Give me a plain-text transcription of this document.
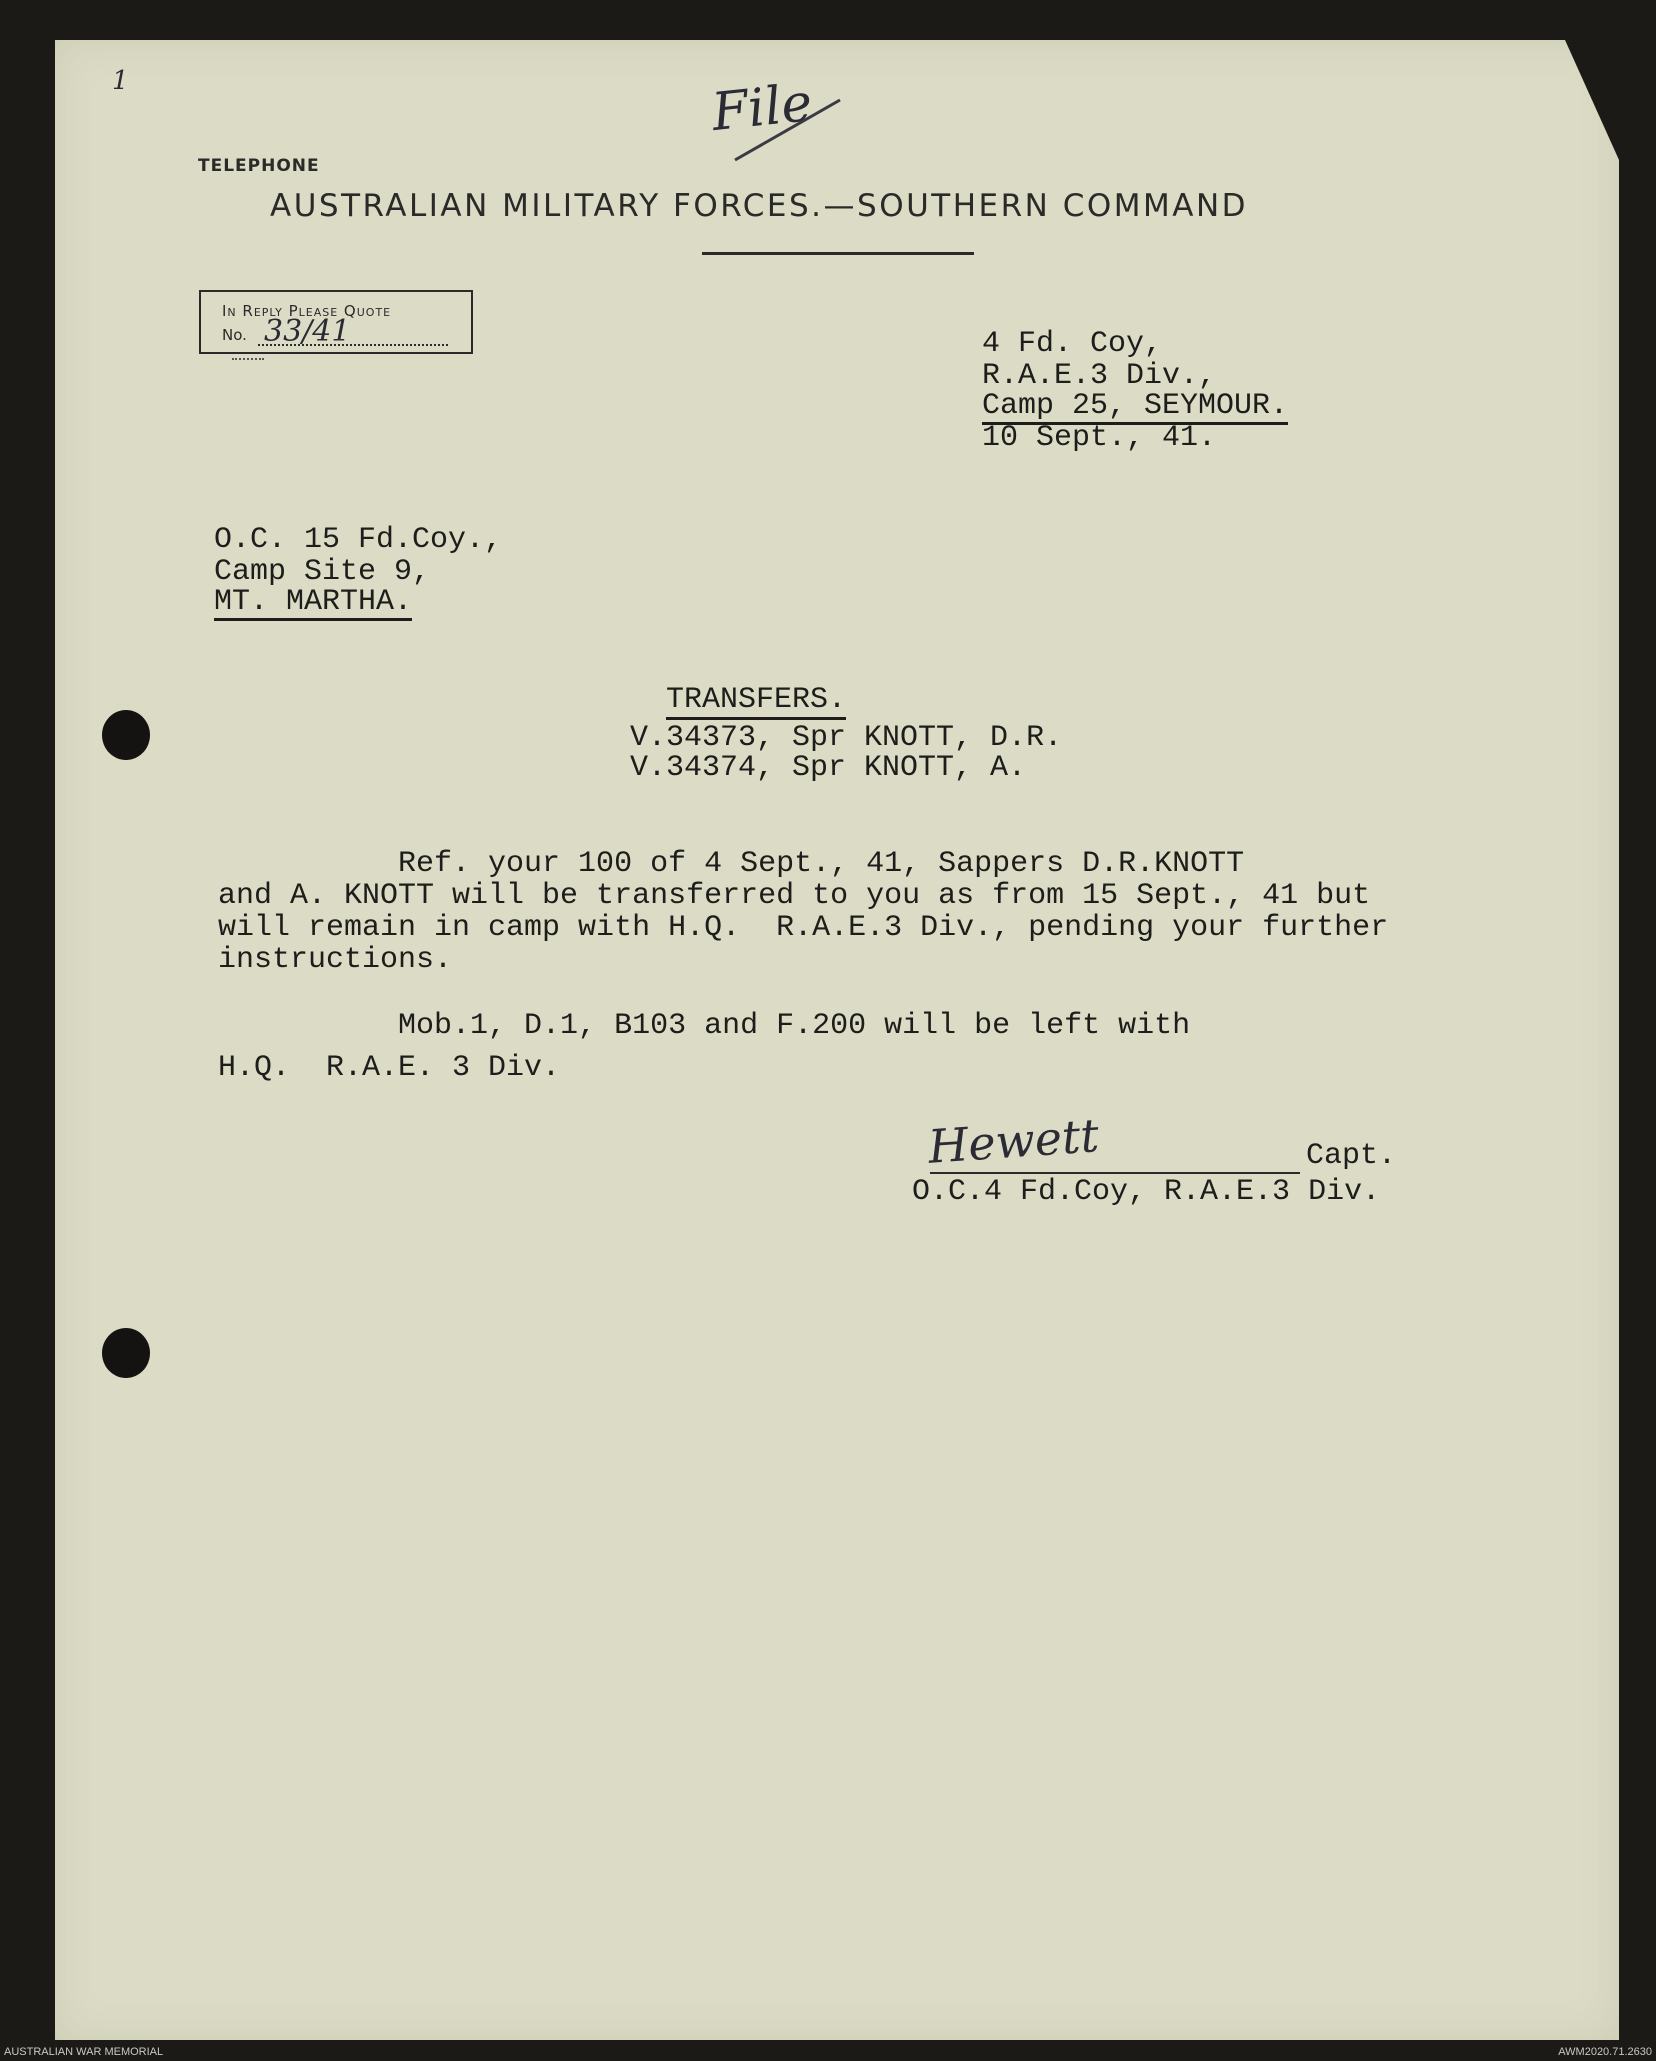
1	File
TELEPHONE
AUSTRALIAN MILITARY FORCES.—SOUTHERN COMMAND
In Reply Please Quote
No. 33/41	4 Fd. Coy,
R.A.E.3 Div.,
Camp 25, SEYMOUR.
10 Sept., 41.
O.C. 15 Fd.Coy.,
Camp Site 9,
MT. MARTHA.

TRANSFERS.

V.34373, Spr KNOTT, D.R.
V.34374, Spr KNOTT, A.
Ref. your 100 of 4 Sept., 41, Sappers D.R.KNOTT
and A. KNOTT will be transferred to you as from 15 Sept., 41 but
will remain in camp with H.Q.  R.A.E.3 Div., pending your further
instructions.
Mob.1, D.1, B103 and F.200 will be left with
H.Q.  R.A.E. 3 Div.
Hewett	Capt.
O.C.4 Fd.Coy, R.A.E.3 Div.
AUSTRALIAN WAR MEMORIAL	AWM2020.71.2630
